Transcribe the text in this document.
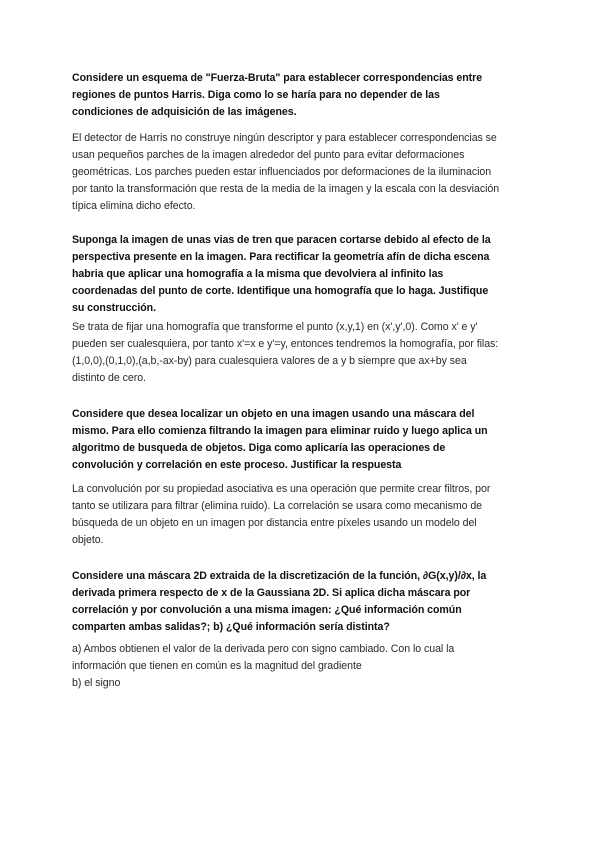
Considere un esquema de "Fuerza-Bruta" para establecer correspondencias entre
regiones de puntos Harris. Diga como lo se haría para no depender de las
condiciones de adquisición de las imágenes.
El detector de Harris no construye ningún descriptor y para establecer correspondencias se
usan pequeños parches de la imagen alrededor del punto para evitar deformaciones
geométricas. Los parches pueden estar influenciados por deformaciones de la iluminacion
por tanto la transformación que resta de la media de la imagen y la escala con la desviación
típica elimina dicho efecto.
Suponga la imagen de unas vias de tren que paracen cortarse debido al efecto de la
perspectiva presente en la imagen. Para rectificar la geometría afín de dicha escena
habria que aplicar una homografía a la misma que devolviera al infinito las
coordenadas del punto de corte. Identifique una homografía que lo haga. Justifique
su construcción.
Se trata de fijar una homografía que transforme el punto (x,y,1) en (x',y',0). Como x' e y'
pueden ser cualesquiera, por tanto x'=x e y'=y, entonces tendremos la homografía, por filas:
(1,0,0),(0,1,0),(a,b,-ax-by) para cualesquiera valores de a y b siempre que ax+by sea
distinto de cero.
Considere que desea localizar un objeto en una imagen usando una máscara del
mismo. Para ello comienza filtrando la imagen para eliminar ruido y luego aplica un
algoritmo de busqueda de objetos. Diga como aplicaría las operaciones de
convolución y correlación en este proceso. Justificar la respuesta
La convolución por su propiedad asociativa es una operación que permite crear filtros, por
tanto se utilizara para filtrar (elimina ruido). La correlación se usara como mecanismo de
búsqueda de un objeto en un imagen por distancia entre píxeles usando un modelo del
objeto.
Considere una máscara 2D extraida de la discretización de la función, ∂G(x,y)/∂x, la
derivada primera respecto de x de la Gaussiana 2D. Si aplica dicha máscara por
correlación y por convolución a una misma imagen: ¿Qué información común
comparten ambas salidas?; b) ¿Qué información sería distinta?
a) Ambos obtienen el valor de la derivada pero con signo cambiado. Con lo cual la
información que tienen en común es la magnitud del gradiente
b) el signo
